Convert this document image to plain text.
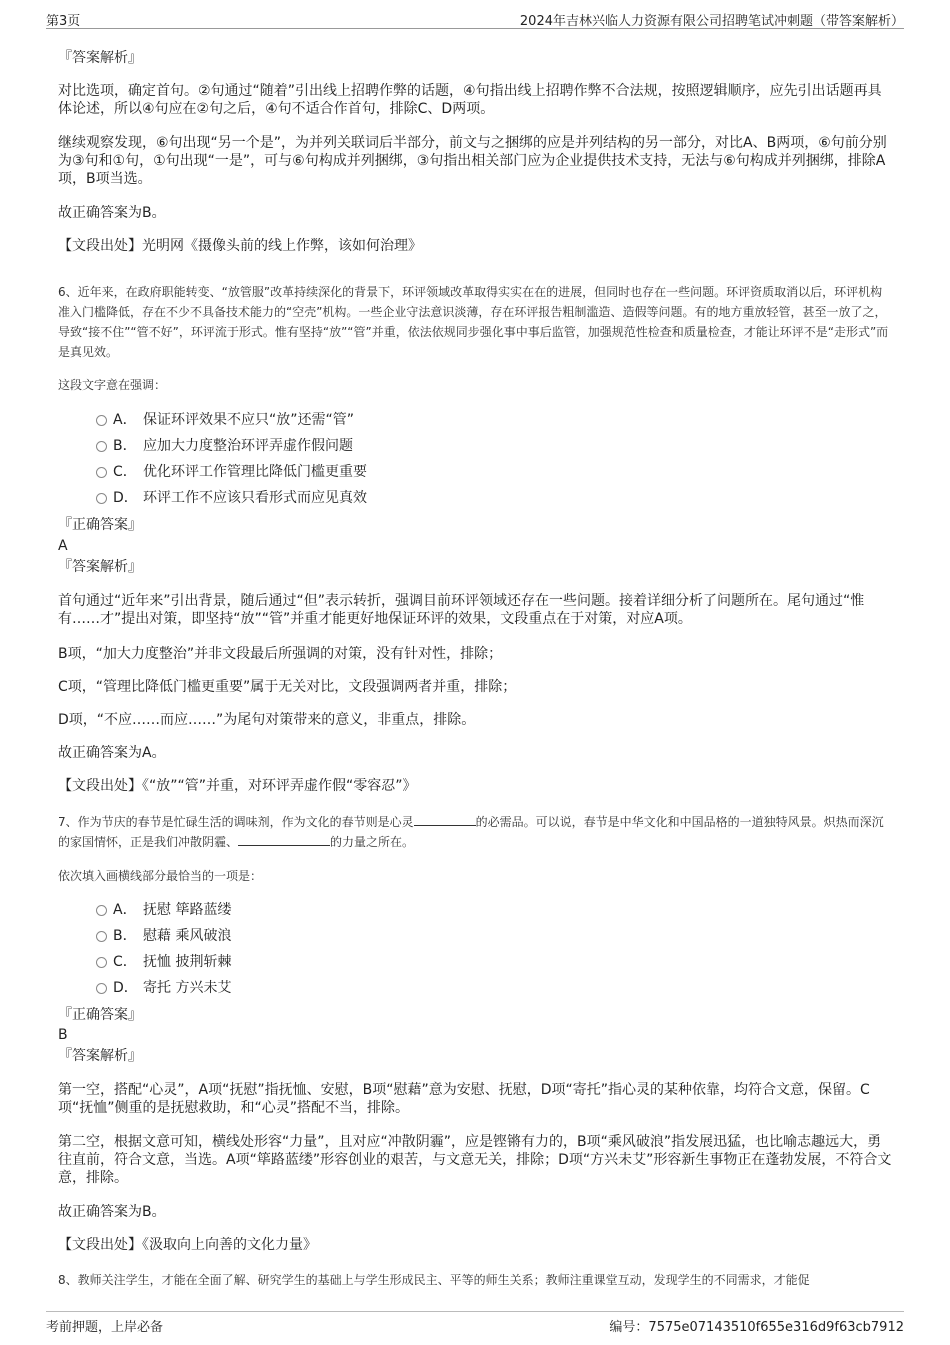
第3页	2024年吉林兴临人力资源有限公司招聘笔试冲刺题（带答案解析）
『答案解析』
对比选项，确定首句。②句通过“随着”引出线上招聘作弊的话题，④句指出线上招聘作弊不合法规，按照逻辑顺序，应先引出话题再具体论述，所以④句应在②句之后，④句不适合作首句，排除C、D两项。
继续观察发现，⑥句出现“另一个是”，为并列关联词后半部分，前文与之捆绑的应是并列结构的另一部分，对比A、B两项，⑥句前分别为③句和①句，①句出现“一是”，可与⑥句构成并列捆绑，③句指出相关部门应为企业提供技术支持，无法与⑥句构成并列捆绑，排除A项，B项当选。
故正确答案为B。
【文段出处】光明网《摄像头前的线上作弊，该如何治理》
6、近年来，在政府职能转变、“放管服”改革持续深化的背景下，环评领域改革取得实实在在的进展，但同时也存在一些问题。环评资质取消以后，环评机构准入门槛降低，存在不少不具备技术能力的“空壳”机构。一些企业守法意识淡薄，存在环评报告粗制滥造、造假等问题。有的地方重放轻管，甚至一放了之，导致“接不住”“管不好”，环评流于形式。惟有坚持“放”“管”并重，依法依规同步强化事中事后监管，加强规范性检查和质量检查，才能让环评不是“走形式”而是真见效。
这段文字意在强调：
A． 保证环评效果不应只“放”还需“管”
B． 应加大力度整治环评弄虚作假问题
C． 优化环评工作管理比降低门槛更重要
D． 环评工作不应该只看形式而应见真效
『正确答案』
A
『答案解析』
首句通过“近年来”引出背景，随后通过“但”表示转折，强调目前环评领域还存在一些问题。接着详细分析了问题所在。尾句通过“惟有……才”提出对策，即坚持“放”“管”并重才能更好地保证环评的效果，文段重点在于对策，对应A项。
B项，“加大力度整治”并非文段最后所强调的对策，没有针对性，排除；
C项，“管理比降低门槛更重要”属于无关对比，文段强调两者并重，排除；
D项，“不应……而应……”为尾句对策带来的意义，非重点，排除。
故正确答案为A。
【文段出处】《“放”“管”并重，对环评弄虚作假“零容忍”》
7、作为节庆的春节是忙碌生活的调味剂，作为文化的春节则是心灵	的必需品。可以说，春节是中华文化和中国品格的一道独特风景。炽热而深沉的家国情怀，正是我们冲散阴霾、	的力量之所在。
依次填入画横线部分最恰当的一项是：
A． 抚慰 筚路蓝缕
B． 慰藉 乘风破浪
C． 抚恤 披荆斩棘
D． 寄托 方兴未艾
『正确答案』
B
『答案解析』
第一空，搭配“心灵”，A项“抚慰”指抚恤、安慰，B项“慰藉”意为安慰、抚慰，D项“寄托”指心灵的某种依靠，均符合文意，保留。C项“抚恤”侧重的是抚慰救助，和“心灵”搭配不当，排除。
第二空，根据文意可知，横线处形容“力量”，且对应“冲散阴霾”，应是铿锵有力的，B项“乘风破浪”指发展迅猛，也比喻志趣远大，勇往直前，符合文意，当选。A项“筚路蓝缕”形容创业的艰苦，与文意无关，排除；D项“方兴未艾”形容新生事物正在蓬勃发展，不符合文意，排除。
故正确答案为B。
【文段出处】《汲取向上向善的文化力量》
8、教师关注学生，才能在全面了解、研究学生的基础上与学生形成民主、平等的师生关系；教师注重课堂互动，发现学生的不同需求，才能促
考前押题，上岸必备	编号：7575e07143510f655e316d9f63cb7912
